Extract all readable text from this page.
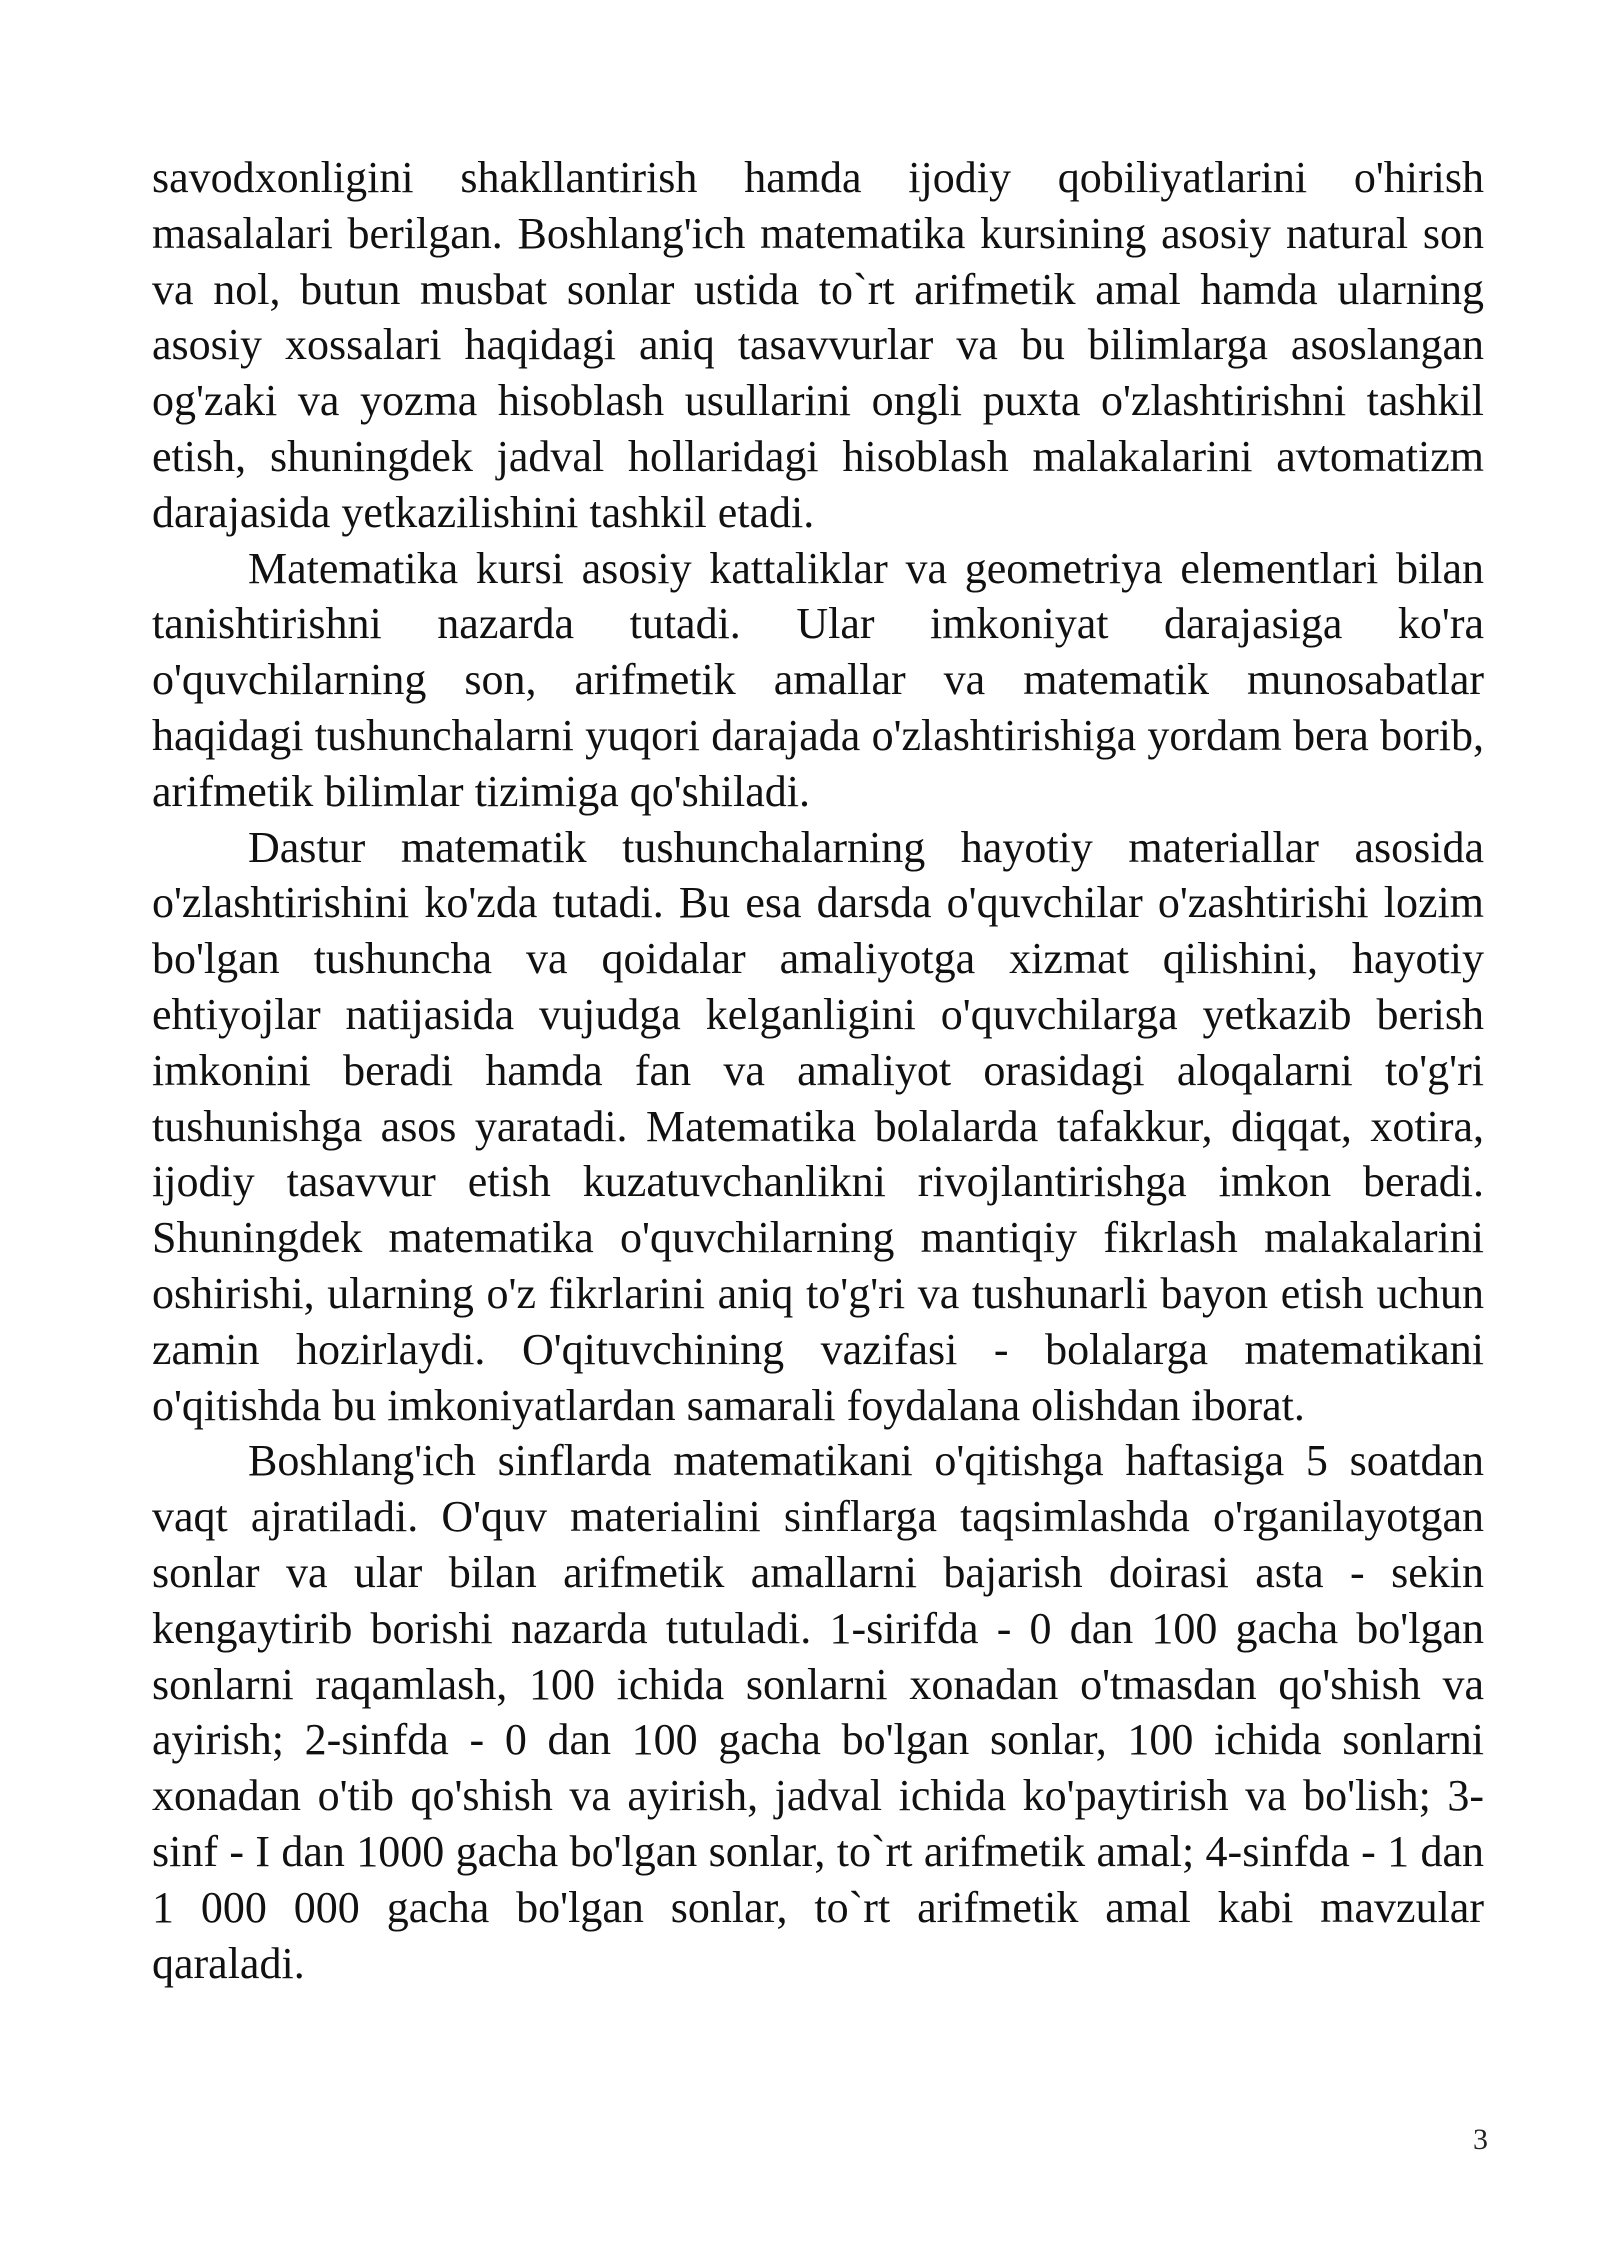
savodxonligini shakllantirish hamda ijodiy qobiliyatlarini o'hirish masalalari berilgan. Boshlang'ich matematika kursining asosiy natural son va nol, butun musbat sonlar ustida to`rt arifmetik amal hamda ularning asosiy xossalari haqidagi aniq tasavvurlar va bu bilimlarga asoslangan og'zaki va yozma hisoblash usullarini ongli puxta o'zlashtirishni tashkil etish, shuningdek jadval hollaridagi hisoblash malakalarini avtomatizm darajasida yetkazilishini tashkil etadi.

Matematika kursi asosiy kattaliklar va geometriya elementlari bilan tanishtirishni nazarda tutadi. Ular imkoniyat darajasiga ko'ra o'quvchilarning son, arifmetik amallar va matematik munosabatlar haqidagi tushunchalarni yuqori darajada o'zlashtirishiga yordam bera borib, arifmetik bilimlar tizimiga qo'shiladi.

Dastur matematik tushunchalarning hayotiy materiallar asosida o'zlashtirishini ko'zda tutadi. Bu esa darsda o'quvchilar o'zashtirishi lozim bo'lgan tushuncha va qoidalar amaliyotga xizmat qilishini, hayotiy ehtiyojlar natijasida vujudga kelganligini o'quvchilarga yetkazib berish imkonini beradi hamda fan va amaliyot orasidagi aloqalarni to'g'ri tushunishga asos yaratadi. Matematika bolalarda tafakkur, diqqat, xotira, ijodiy tasavvur etish kuzatuvchanlikni rivojlantirishga imkon beradi. Shuningdek matematika o'quvchilarning mantiqiy fikrlash malakalarini oshirishi, ularning o'z fikrlarini aniq to'g'ri va tushunarli bayon etish uchun zamin hozirlaydi. O'qituvchining vazifasi - bolalarga matematikani o'qitishda bu imkoniyatlardan samarali foydalana olishdan iborat.

Boshlang'ich sinflarda matematikani o'qitishga haftasiga 5 soatdan vaqt ajratiladi. O'quv materialini sinflarga taqsimlashda o'rganilayotgan sonlar va ular bilan arifmetik amallarni bajarish doirasi asta - sekin kengaytirib borishi nazarda tutuladi. 1-sirifda - 0 dan 100 gacha bo'lgan sonlarni raqamlash, 100 ichida sonlarni xonadan o'tmasdan qo'shish va ayirish; 2-sinfda - 0 dan 100 gacha bo'lgan sonlar, 100 ichida sonlarni xonadan o'tib qo'shish va ayirish, jadval ichida ko'paytirish va bo'lish; 3-sinf - I dan 1000 gacha bo'lgan sonlar, to`rt arifmetik amal; 4-sinfda - 1 dan 1 000 000 gacha bo'lgan sonlar, to`rt arifmetik amal kabi mavzular qaraladi.

3
